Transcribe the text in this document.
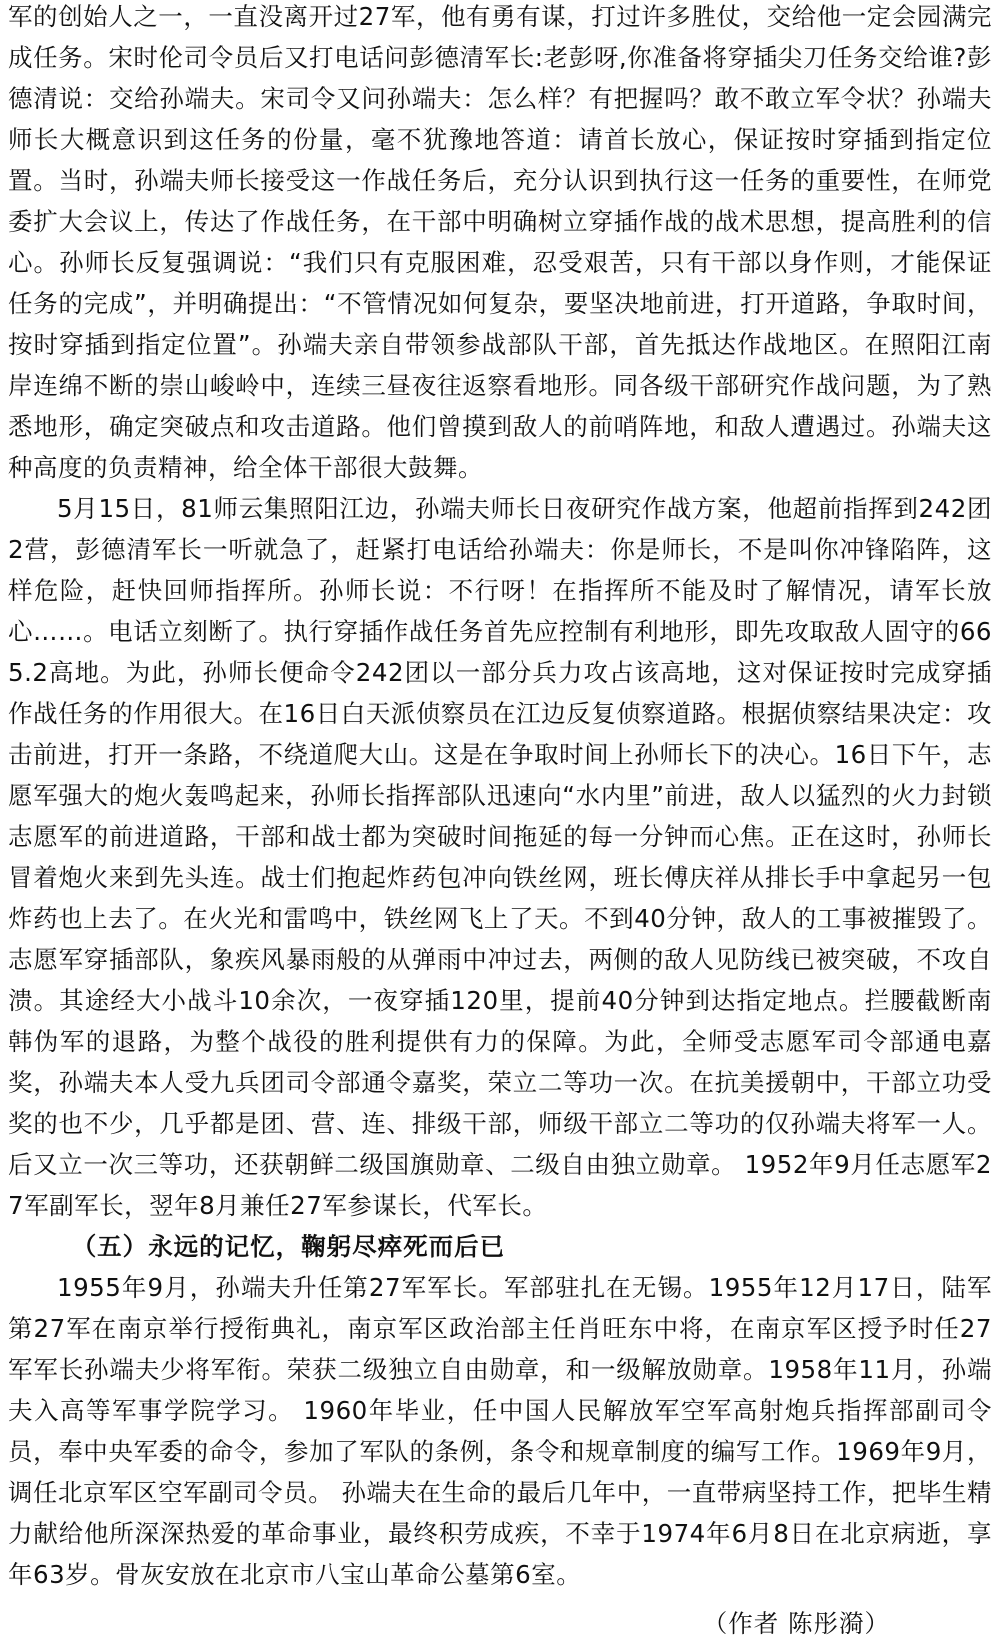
军的创始人之一，一直没离开过27军，他有勇有谋，打过许多胜仗，交给他一定会园满完成任务。宋时伦司令员后又打电话问彭德清军长:老彭呀,你准备将穿插尖刀任务交给谁?彭德清说：交给孙端夫。宋司令又问孙端夫：怎么样？有把握吗？敢不敢立军令状？孙端夫师长大概意识到这任务的份量，毫不犹豫地答道：请首长放心，保证按时穿插到指定位置。当时，孙端夫师长接受这一作战任务后，充分认识到执行这一任务的重要性，在师党委扩大会议上，传达了作战任务，在干部中明确树立穿插作战的战术思想，提高胜利的信心。孙师长反复强调说：“我们只有克服困难，忍受艰苦，只有干部以身作则，才能保证任务的完成”，并明确提出：“不管情况如何复杂，要坚决地前进，打开道路，争取时间，按时穿插到指定位置”。孙端夫亲自带领参战部队干部，首先抵达作战地区。在照阳江南岸连绵不断的崇山峻岭中，连续三昼夜往返察看地形。同各级干部研究作战问题，为了熟悉地形，确定突破点和攻击道路。他们曾摸到敌人的前哨阵地，和敌人遭遇过。孙端夫这种高度的负责精神，给全体干部很大鼓舞。

5月15日，81师云集照阳江边，孙端夫师长日夜研究作战方案，他超前指挥到242团2营，彭德清军长一听就急了，赶紧打电话给孙端夫：你是师长，不是叫你冲锋陷阵，这样危险，赶快回师指挥所。孙师长说：不行呀！在指挥所不能及时了解情况，请军长放心……。电话立刻断了。执行穿插作战任务首先应控制有利地形，即先攻取敌人固守的665.2高地。为此，孙师长便命令242团以一部分兵力攻占该高地，这对保证按时完成穿插作战任务的作用很大。在16日白天派侦察员在江边反复侦察道路。根据侦察结果决定：攻击前进，打开一条路，不绕道爬大山。这是在争取时间上孙师长下的决心。16日下午，志愿军强大的炮火轰鸣起来，孙师长指挥部队迅速向“水内里”前进，敌人以猛烈的火力封锁志愿军的前进道路，干部和战士都为突破时间拖延的每一分钟而心焦。正在这时，孙师长冒着炮火来到先头连。战士们抱起炸药包冲向铁丝网，班长傅庆祥从排长手中拿起另一包炸药也上去了。在火光和雷鸣中，铁丝网飞上了天。不到40分钟，敌人的工事被摧毁了。志愿军穿插部队，象疾风暴雨般的从弹雨中冲过去，两侧的敌人见防线已被突破，不攻自溃。其途经大小战斗10余次，一夜穿插120里，提前40分钟到达指定地点。拦腰截断南韩伪军的退路，为整个战役的胜利提供有力的保障。为此，全师受志愿军司令部通电嘉奖，孙端夫本人受九兵团司令部通令嘉奖，荣立二等功一次。在抗美援朝中，干部立功受奖的也不少，几乎都是团、营、连、排级干部，师级干部立二等功的仅孙端夫将军一人。后又立一次三等功，还获朝鲜二级国旗勋章、二级自由独立勋章。 1952年9月任志愿军27军副军长，翌年8月兼任27军参谋长，代军长。

（五）永远的记忆，鞠躬尽瘁死而后已

1955年9月，孙端夫升任第27军军长。军部驻扎在无锡。1955年12月17日，陆军第27军在南京举行授衔典礼，南京军区政治部主任肖旺东中将，在南京军区授予时任27军军长孙端夫少将军衔。荣获二级独立自由勋章，和一级解放勋章。1958年11月，孙端夫入高等军事学院学习。 1960年毕业，任中国人民解放军空军高射炮兵指挥部副司令员，奉中央军委的命令，参加了军队的条例，条令和规章制度的编写工作。1969年9月，调任北京军区空军副司令员。 孙端夫在生命的最后几年中，一直带病坚持工作，把毕生精力献给他所深深热爱的革命事业，最终积劳成疾，不幸于1974年6月8日在北京病逝，享年63岁。骨灰安放在北京市八宝山革命公墓第6室。

（作者 陈彤漪）
